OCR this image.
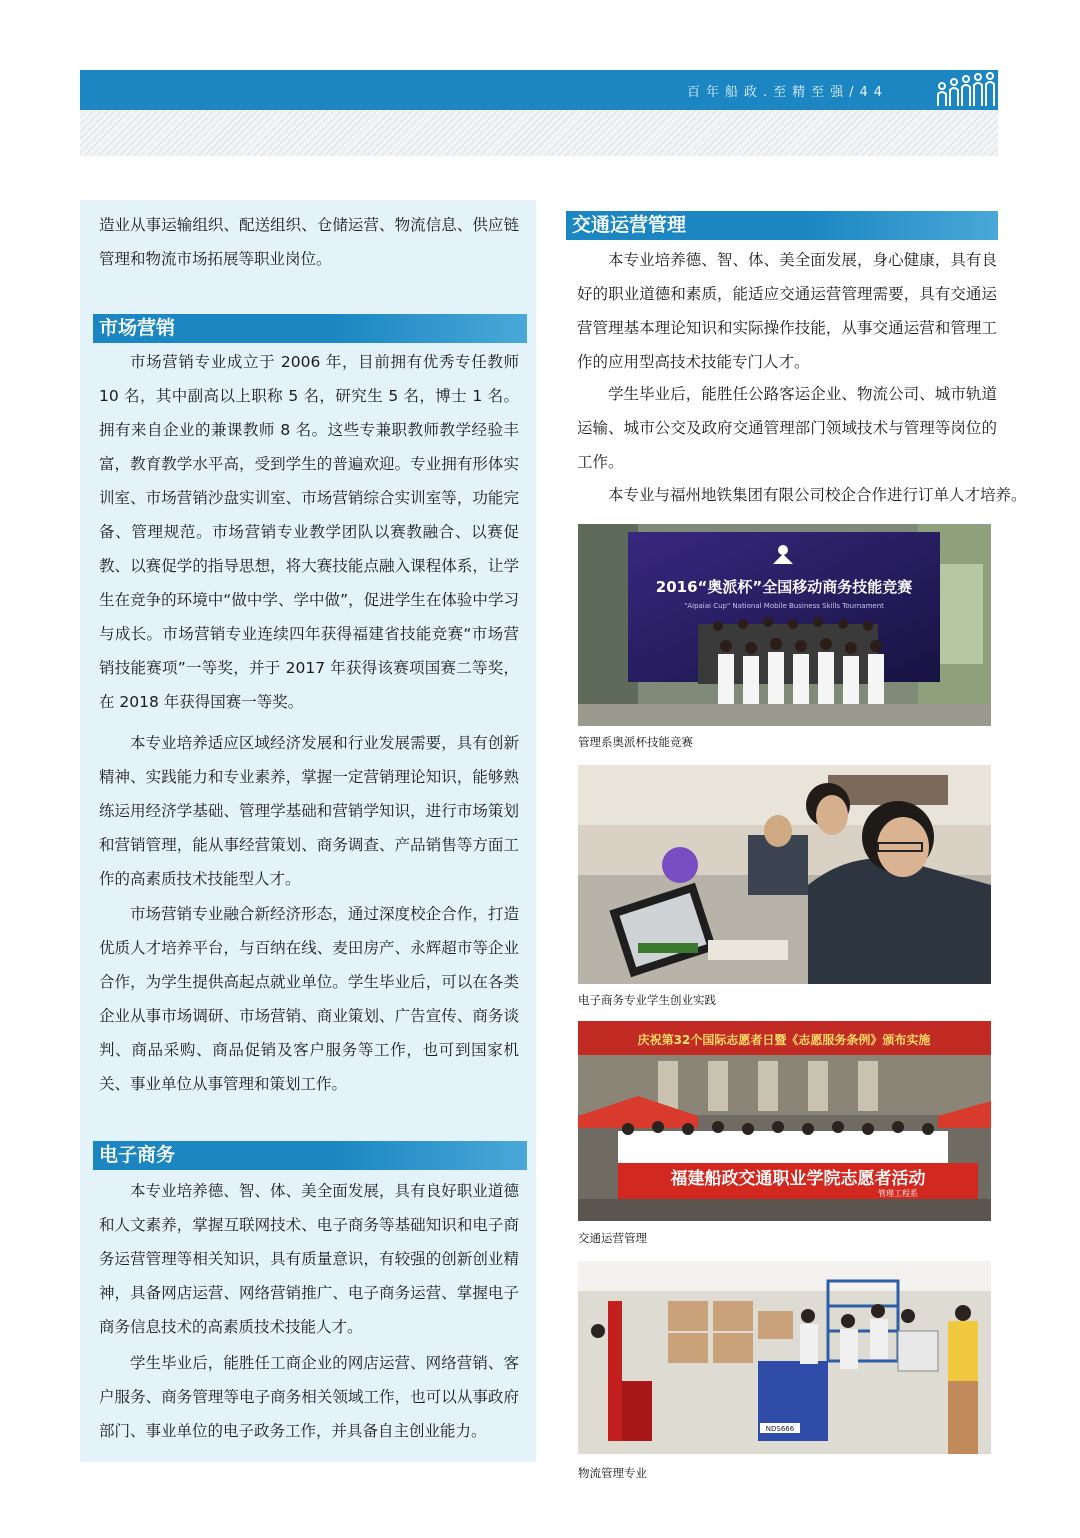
百年船政.至精至强/44

造业从事运输组织、配送组织、仓储运营、物流信息、供应链管理和物流市场拓展等职业岗位。

市场营销

市场营销专业成立于 2006 年，目前拥有优秀专任教师 10 名，其中副高以上职称 5 名，研究生 5 名，博士 1 名。拥有来自企业的兼课教师 8 名。这些专兼职教师教学经验丰富，教育教学水平高，受到学生的普遍欢迎。专业拥有形体实训室、市场营销沙盘实训室、市场营销综合实训室等，功能完备、管理规范。市场营销专业教学团队以赛教融合、以赛促教、以赛促学的指导思想，将大赛技能点融入课程体系，让学生在竞争的环境中“做中学、学中做”，促进学生在体验中学习与成长。市场营销专业连续四年获得福建省技能竞赛“市场营销技能赛项”一等奖，并于 2017 年获得该赛项国赛二等奖，在 2018 年获得国赛一等奖。

本专业培养适应区域经济发展和行业发展需要，具有创新精神、实践能力和专业素养，掌握一定营销理论知识，能够熟练运用经济学基础、管理学基础和营销学知识，进行市场策划和营销管理，能从事经营策划、商务调查、产品销售等方面工作的高素质技术技能型人才。

市场营销专业融合新经济形态，通过深度校企合作，打造优质人才培养平台，与百纳在线、麦田房产、永辉超市等企业合作，为学生提供高起点就业单位。学生毕业后，可以在各类企业从事市场调研、市场营销、商业策划、广告宣传、商务谈判、商品采购、商品促销及客户服务等工作，也可到国家机关、事业单位从事管理和策划工作。

电子商务

本专业培养德、智、体、美全面发展，具有良好职业道德和人文素养，掌握互联网技术、电子商务等基础知识和电子商务运营管理等相关知识，具有质量意识，有较强的创新创业精神，具备网店运营、网络营销推广、电子商务运营、掌握电子商务信息技术的高素质技术技能人才。

学生毕业后，能胜任工商企业的网店运营、网络营销、客户服务、商务管理等电子商务相关领域工作，也可以从事政府部门、事业单位的电子政务工作，并具备自主创业能力。

交通运营管理

本专业培养德、智、体、美全面发展，身心健康，具有良好的职业道德和素质，能适应交通运营管理需要，具有交通运营管理基本理论知识和实际操作技能，从事交通运营和管理工作的应用型高技术技能专门人才。

学生毕业后，能胜任公路客运企业、物流公司、城市轨道运输、城市公交及政府交通管理部门领域技术与管理等岗位的工作。

本专业与福州地铁集团有限公司校企合作进行订单人才培养。

2016“奥派杯”全国移动商务技能竞赛
"Aipaiai Cup" National Mobile Business Skills Tournament
管理系奥派杯技能竞赛
电子商务专业学生创业实践
庆祝第32个国际志愿者日暨《志愿服务条例》颁布实施
福建船政交通职业学院志愿者活动
管理工程系
交通运营管理
NDS666
物流管理专业
